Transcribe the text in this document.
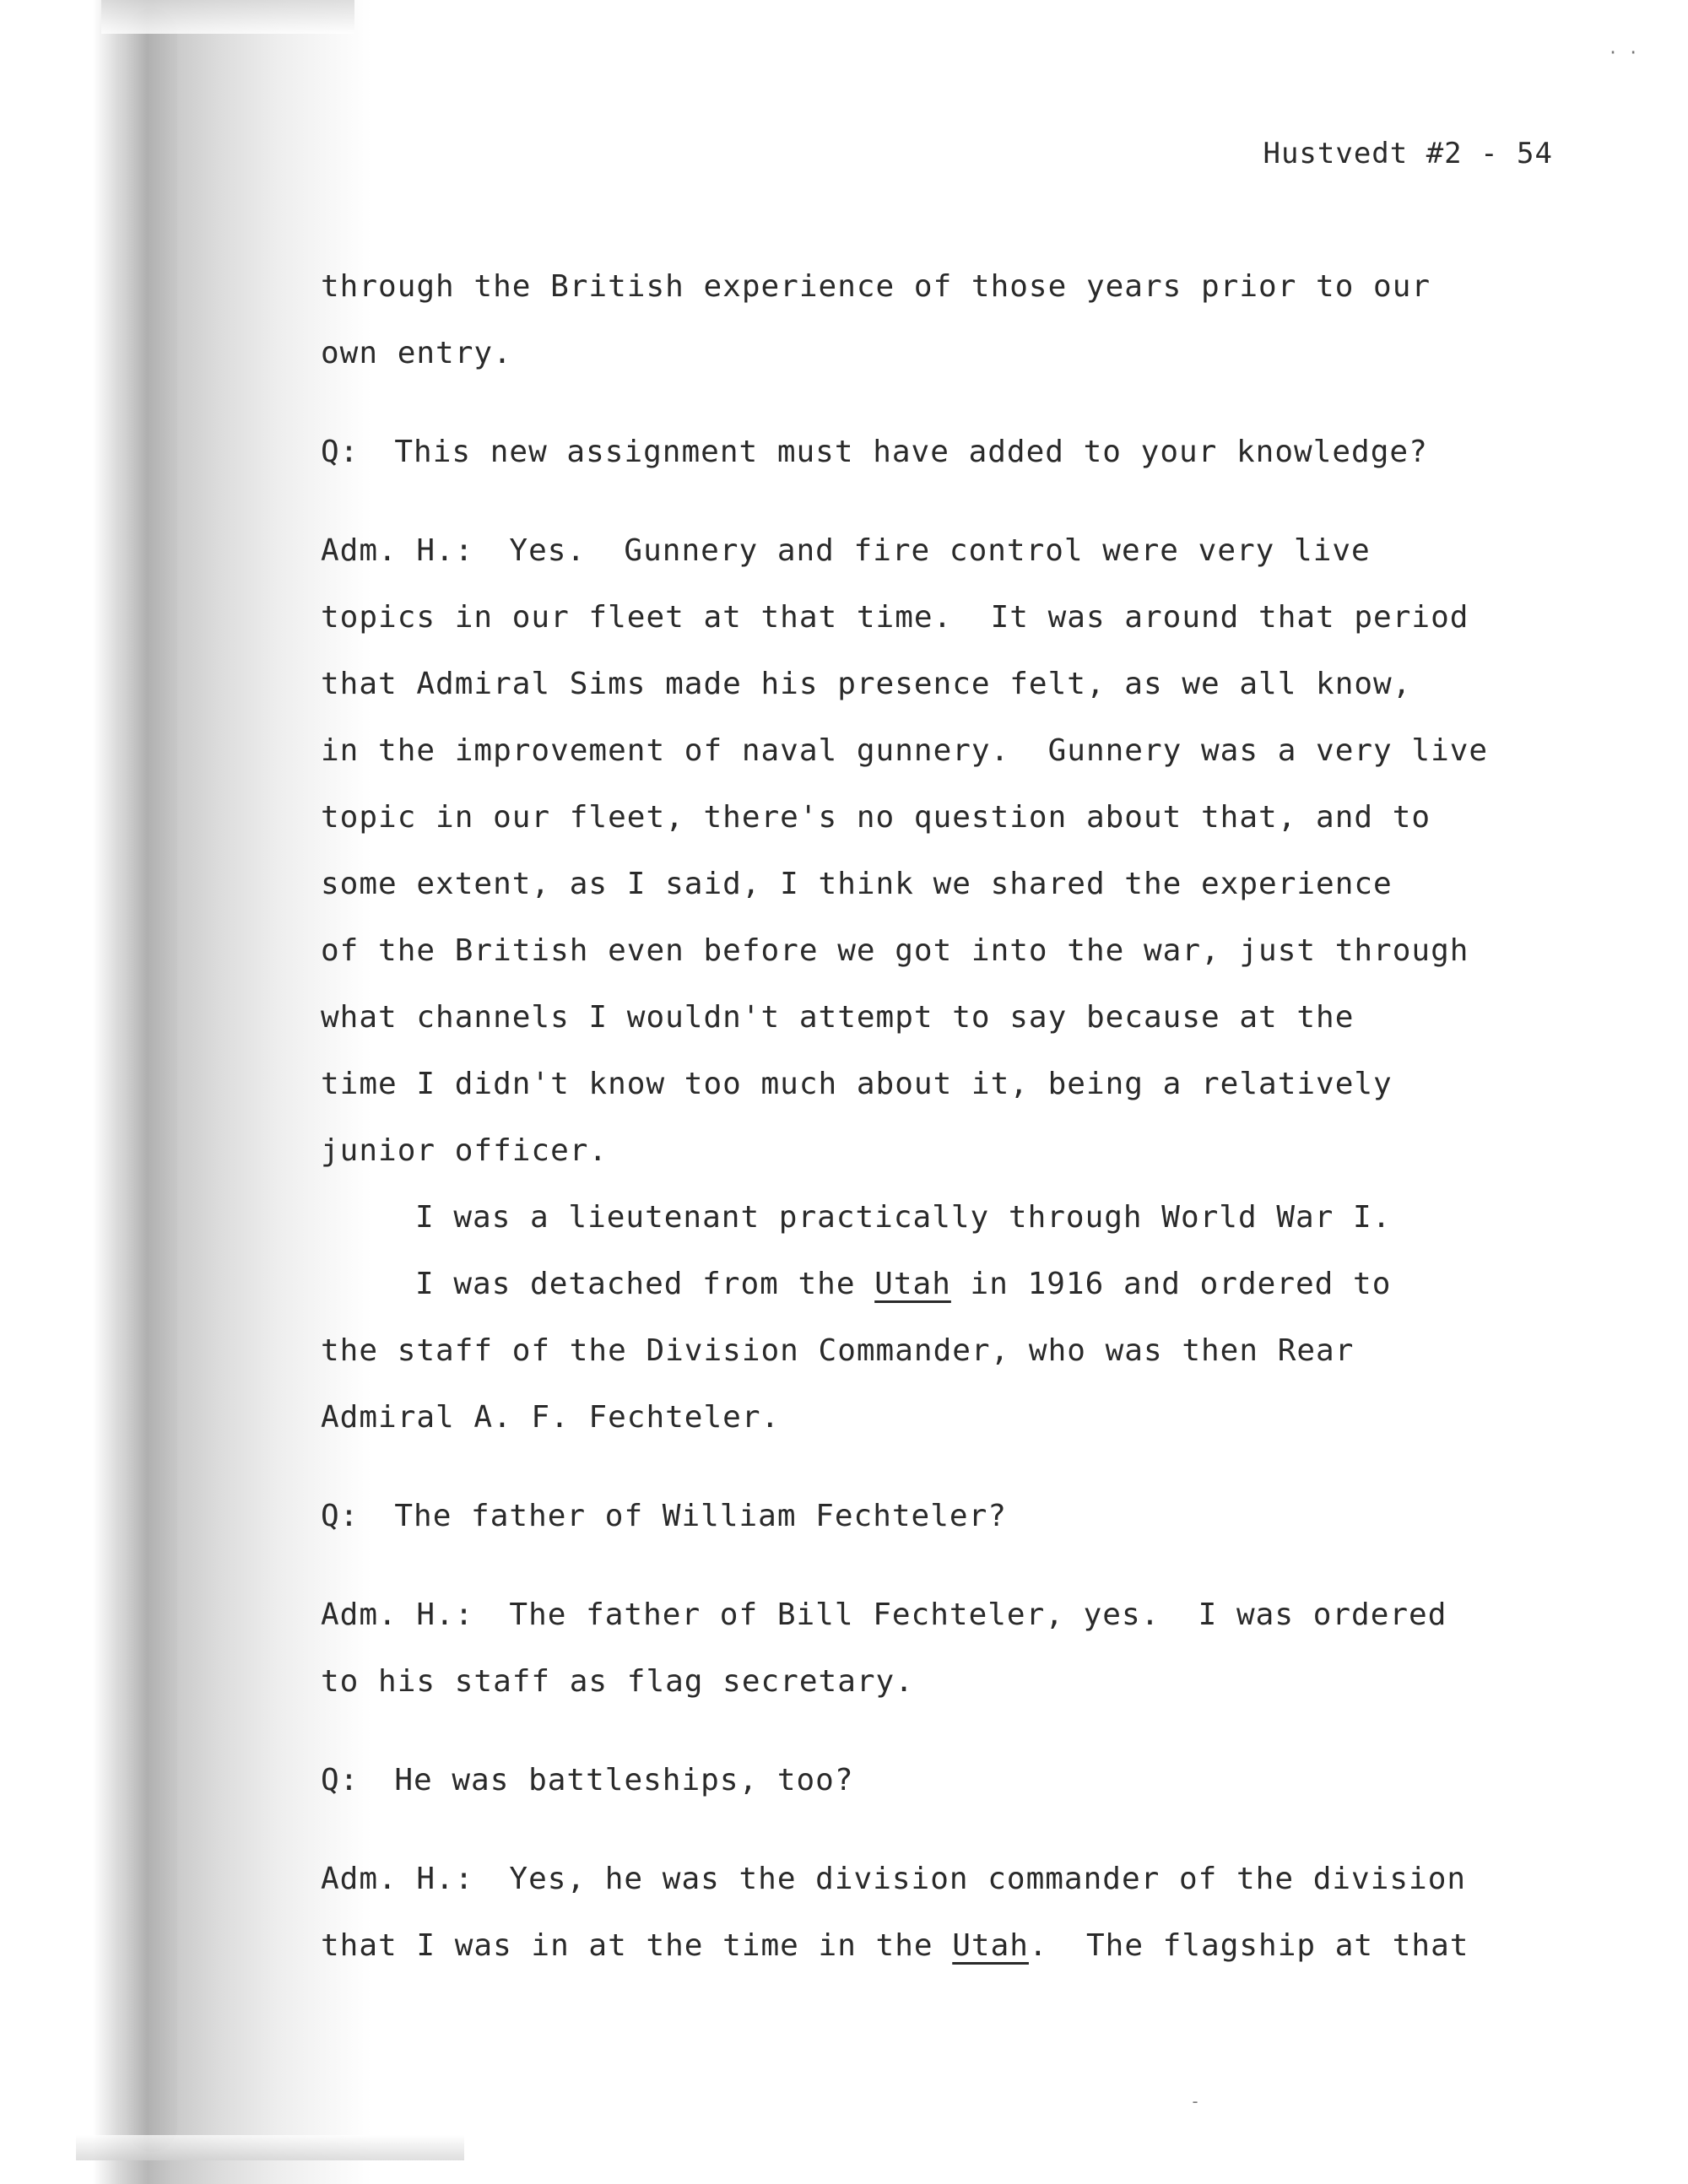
· ·
Hustvedt #2 - 54
through the British experience of those years prior to our
own entry.
Q: This new assignment must have added to your knowledge?
Adm. H.: Yes.  Gunnery and fire control were very live
topics in our fleet at that time.  It was around that period
that Admiral Sims made his presence felt, as we all know,
in the improvement of naval gunnery.  Gunnery was a very live
topic in our fleet, there's no question about that, and to
some extent, as I said, I think we shared the experience
of the British even before we got into the war, just through
what channels I wouldn't attempt to say because at the
time I didn't know too much about it, being a relatively
junior officer.
I was a lieutenant practically through World War I.
I was detached from the Utah in 1916 and ordered to
the staff of the Division Commander, who was then Rear
Admiral A. F. Fechteler.
Q: The father of William Fechteler?
Adm. H.: The father of Bill Fechteler, yes.  I was ordered
to his staff as flag secretary.
Q: He was battleships, too?
Adm. H.: Yes, he was the division commander of the division
that I was in at the time in the Utah.  The flagship at that
-
